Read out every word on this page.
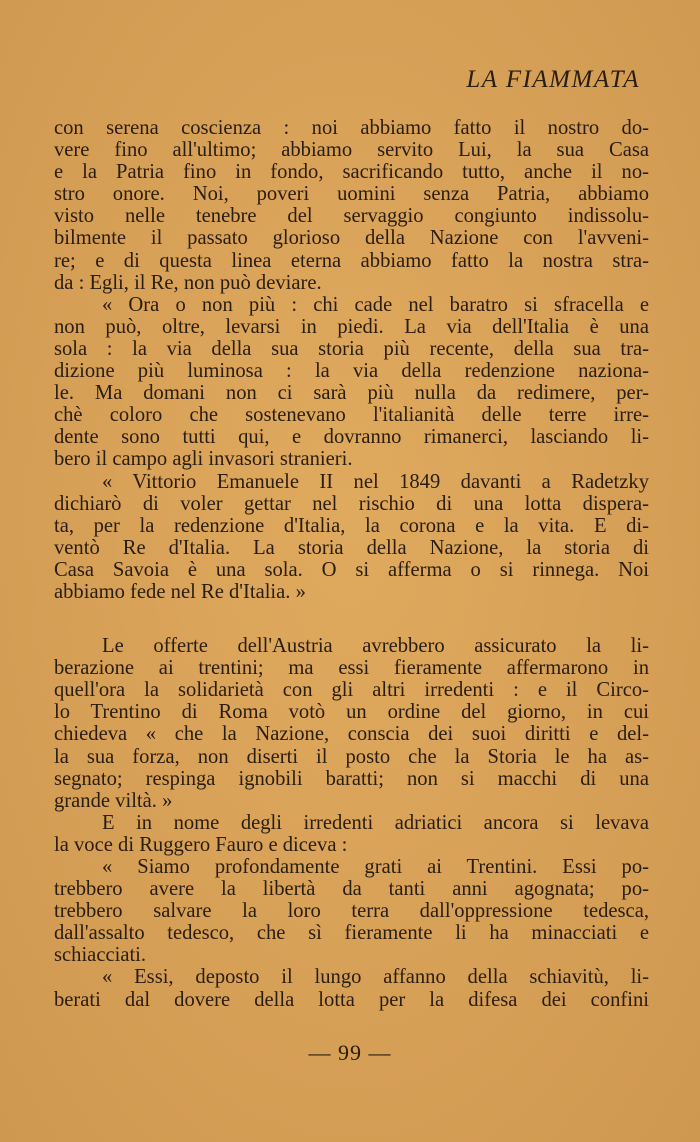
LA FIAMMATA
con serena coscienza : noi abbiamo fatto il nostro do-
vere fino all'ultimo; abbiamo servito Lui, la sua Casa
e la Patria fino in fondo, sacrificando tutto, anche il no-
stro onore. Noi, poveri uomini senza Patria, abbiamo
visto nelle tenebre del servaggio congiunto indissolu-
bilmente il passato glorioso della Nazione con l'avveni-
re; e di questa linea eterna abbiamo fatto la nostra stra-
da : Egli, il Re, non può deviare.
« Ora o non più : chi cade nel baratro si sfracella e
non può, oltre, levarsi in piedi. La via dell'Italia è una
sola : la via della sua storia più recente, della sua tra-
dizione più luminosa : la via della redenzione naziona-
le. Ma domani non ci sarà più nulla da redimere, per-
chè coloro che sostenevano l'italianità delle terre irre-
dente sono tutti qui, e dovranno rimanerci, lasciando li-
bero il campo agli invasori stranieri.
« Vittorio Emanuele II nel 1849 davanti a Radetzky
dichiarò di voler gettar nel rischio di una lotta dispera-
ta, per la redenzione d'Italia, la corona e la vita. E di-
ventò Re d'Italia. La storia della Nazione, la storia di
Casa Savoia è una sola. O si afferma o si rinnega. Noi
abbiamo fede nel Re d'Italia. »
Le offerte dell'Austria avrebbero assicurato la li-
berazione ai trentini; ma essi fieramente affermarono in
quell'ora la solidarietà con gli altri irredenti : e il Circo-
lo Trentino di Roma votò un ordine del giorno, in cui
chiedeva « che la Nazione, conscia dei suoi diritti e del-
la sua forza, non diserti il posto che la Storia le ha as-
segnato; respinga ignobili baratti; non si macchi di una
grande viltà. »
E in nome degli irredenti adriatici ancora si levava
la voce di Ruggero Fauro e diceva :
« Siamo profondamente grati ai Trentini. Essi po-
trebbero avere la libertà da tanti anni agognata; po-
trebbero salvare la loro terra dall'oppressione tedesca,
dall'assalto tedesco, che sì fieramente li ha minacciati e
schiacciati.
« Essi, deposto il lungo affanno della schiavitù, li-
berati dal dovere della lotta per la difesa dei confini
— 99 —
